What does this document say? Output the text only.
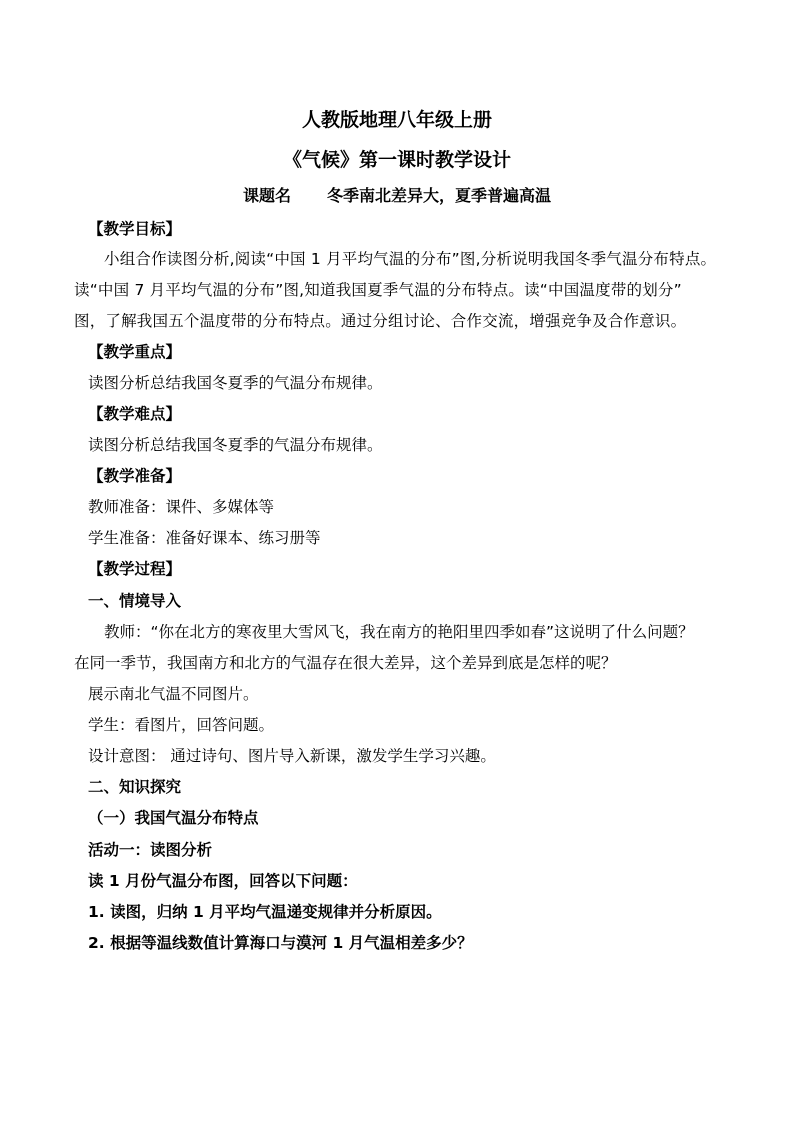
人教版地理八年级上册
《气候》第一课时教学设计
课题名 冬季南北差异大，夏季普遍高温
【教学目标】
小组合作读图分析,阅读“中国 1 月平均气温的分布”图,分析说明我国冬季气温分布特点。
读“中国 7 月平均气温的分布”图,知道我国夏季气温的分布特点。读“中国温度带的划分”
图，了解我国五个温度带的分布特点。通过分组讨论、合作交流，增强竞争及合作意识。
【教学重点】
读图分析总结我国冬夏季的气温分布规律。
【教学难点】
读图分析总结我国冬夏季的气温分布规律。
【教学准备】
教师准备：课件、多媒体等
学生准备：准备好课本、练习册等
【教学过程】
一、情境导入
教师：“你在北方的寒夜里大雪风飞，我在南方的艳阳里四季如春”这说明了什么问题？
在同一季节，我国南方和北方的气温存在很大差异，这个差异到底是怎样的呢？
展示南北气温不同图片。
学生：看图片，回答问题。
设计意图： 通过诗句、图片导入新课，激发学生学习兴趣。
二、知识探究
（一）我国气温分布特点
活动一：读图分析
读 1 月份气温分布图，回答以下问题：
1. 读图，归纳 1 月平均气温递变规律并分析原因。
2. 根据等温线数值计算海口与漠河 1 月气温相差多少？
